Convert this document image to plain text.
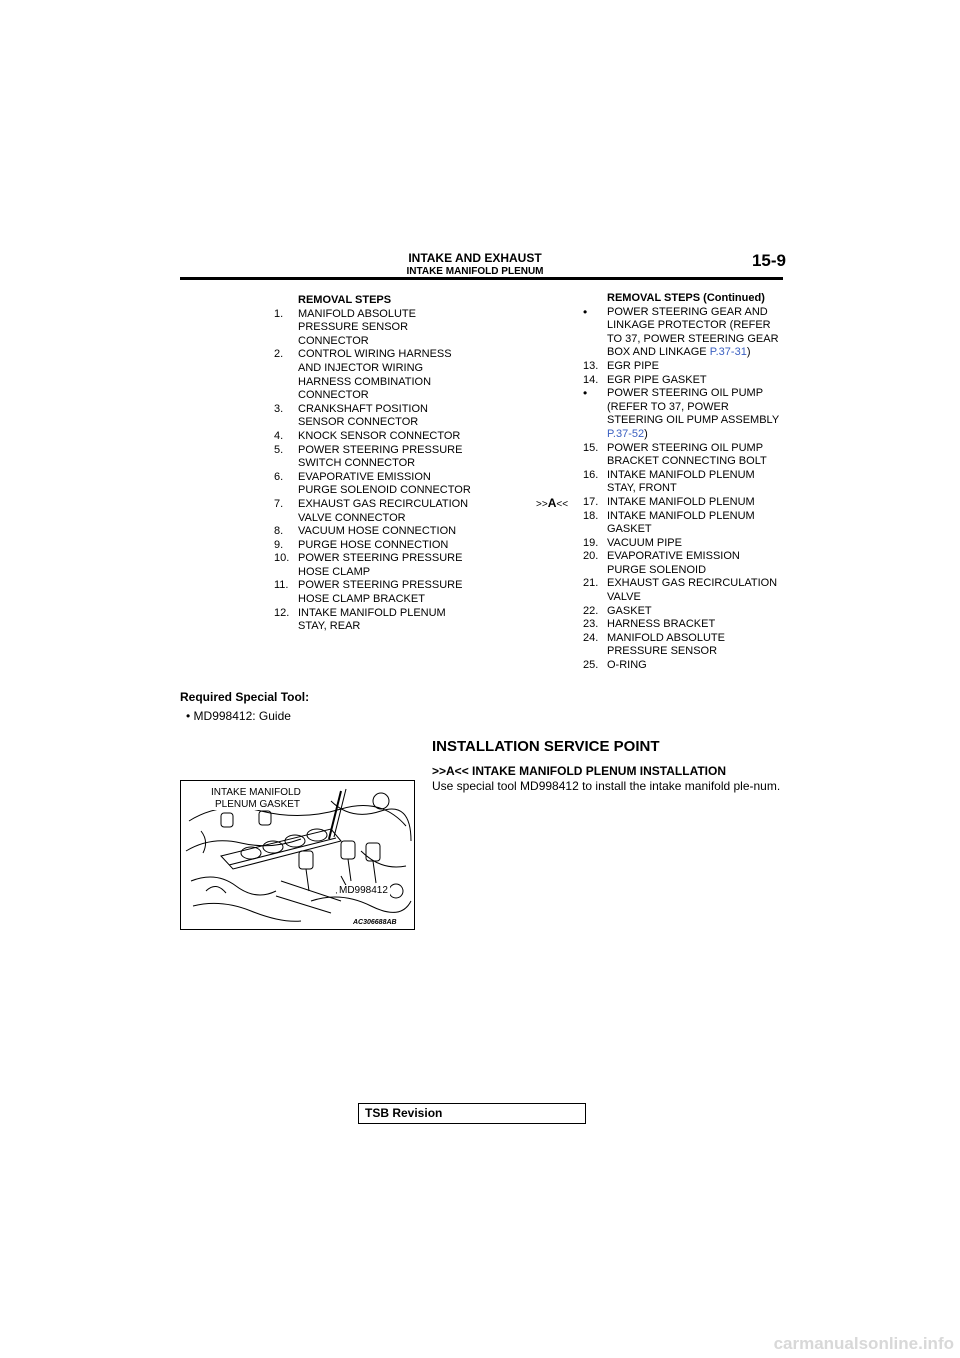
INTAKE AND EXHAUST
INTAKE MANIFOLD PLENUM
15-9
REMOVAL STEPS
1.	MANIFOLD ABSOLUTE
PRESSURE SENSOR
CONNECTOR
2.	CONTROL WIRING HARNESS
AND INJECTOR WIRING
HARNESS COMBINATION
CONNECTOR
3.	CRANKSHAFT POSITION
SENSOR CONNECTOR
4.	KNOCK SENSOR CONNECTOR
5.	POWER STEERING PRESSURE
SWITCH CONNECTOR
6.	EVAPORATIVE EMISSION
PURGE SOLENOID CONNECTOR
7.	EXHAUST GAS RECIRCULATION
VALVE CONNECTOR
8.	VACUUM HOSE CONNECTION
9.	PURGE HOSE CONNECTION
10. POWER STEERING PRESSURE
HOSE CLAMP
11. POWER STEERING PRESSURE
HOSE CLAMP BRACKET
12. INTAKE MANIFOLD PLENUM
STAY, REAR
REMOVAL STEPS (Continued)
•	POWER STEERING GEAR AND
LINKAGE PROTECTOR (REFER
TO 37, POWER STEERING GEAR
BOX AND LINKAGE P.37-31)
13. EGR PIPE
14. EGR PIPE GASKET
•	POWER STEERING OIL PUMP
(REFER TO 37, POWER
STEERING OIL PUMP ASSEMBLY
P.37-52)
15. POWER STEERING OIL PUMP
BRACKET CONNECTING BOLT
16. INTAKE MANIFOLD PLENUM
STAY, FRONT
17. INTAKE MANIFOLD PLENUM
18. INTAKE MANIFOLD PLENUM
GASKET
19. VACUUM PIPE
20. EVAPORATIVE EMISSION
PURGE SOLENOID
21. EXHAUST GAS RECIRCULATION
VALVE
22. GASKET
23. HARNESS BRACKET
24. MANIFOLD ABSOLUTE
PRESSURE SENSOR
25. O-RING
>>A<<
Required Special Tool:
• MD998412: Guide
INSTALLATION SERVICE POINT
>>A<< INTAKE MANIFOLD PLENUM INSTALLATION
Use special tool MD998412 to install the intake manifold ple-num.
INTAKE MANIFOLD
PLENUM GASKET
MD998412
AC306688AB
TSB Revision
carmanualsonline.info
